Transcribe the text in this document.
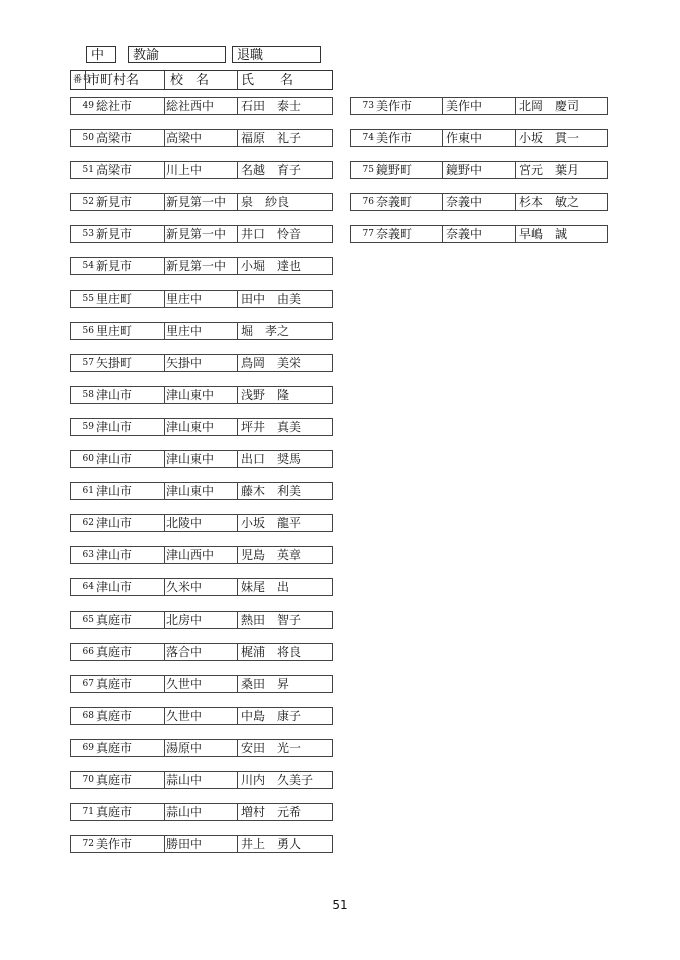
中	教諭	退職
番号
市町村名 校　名 氏　　名
49 総社市	総社西中 石田　泰士
50 高梁市	高梁中	福原　礼子
51 高梁市	川上中	名越　育子
52 新見市	新見第一中 泉　紗良
53 新見市	新見第一中 井口　怜音
54 新見市	新見第一中 小堀　達也
55 里庄町	里庄中	田中　由美
56 里庄町	里庄中	堀　孝之
57 矢掛町	矢掛中	鳥岡　美栄
58 津山市	津山東中 浅野　隆
59 津山市	津山東中 坪井　真美
60 津山市	津山東中 出口　奨馬
61 津山市	津山東中 藤木　利美
62 津山市	北陵中	小坂　龍平
63 津山市	津山西中 児島　英章
64 津山市	久米中	妹尾　出
65 真庭市	北房中	熱田　智子
66 真庭市	落合中	梶浦　将良
67 真庭市	久世中	桑田　昇
68 真庭市	久世中	中島　康子
69 真庭市	湯原中	安田　光一
70 真庭市	蒜山中	川内　久美子
71 真庭市	蒜山中	増村　元希
72 美作市	勝田中	井上　勇人
73 美作市	美作中	北岡　慶司
74 美作市	作東中	小坂　貫一
75 鏡野町	鏡野中	宮元　葉月
76 奈義町	奈義中	杉本　敏之
77 奈義町	奈義中	早嶋　誠
51
